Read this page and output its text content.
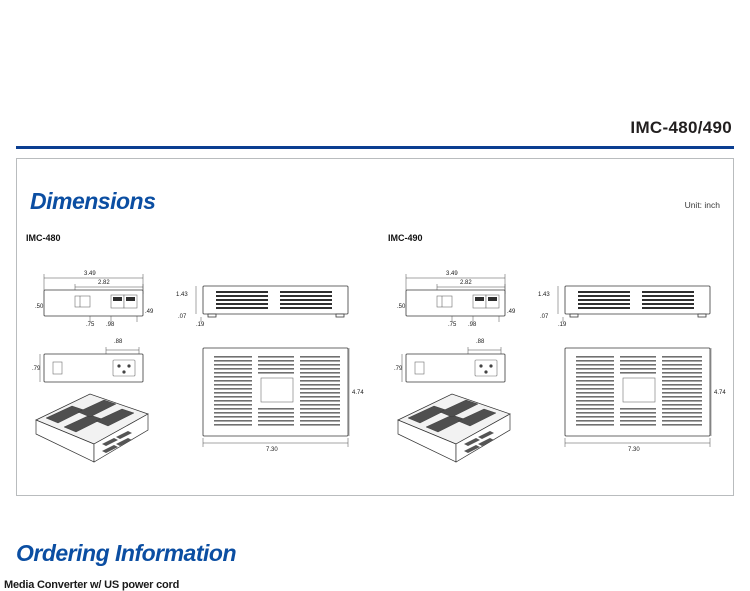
IMC-480/490
Dimensions	Unit: inch
IMC-480	IMC-490
3.49
2.82
.50
.49
.75 .98
1.43
.07
.19
.88
.79
4.74
7.30
3.49
2.82
.50
.49
.75 .98
1.43
.07
.19
.88
.79
4.74
7.30
Ordering Information
Media Converter w/ US power cord
